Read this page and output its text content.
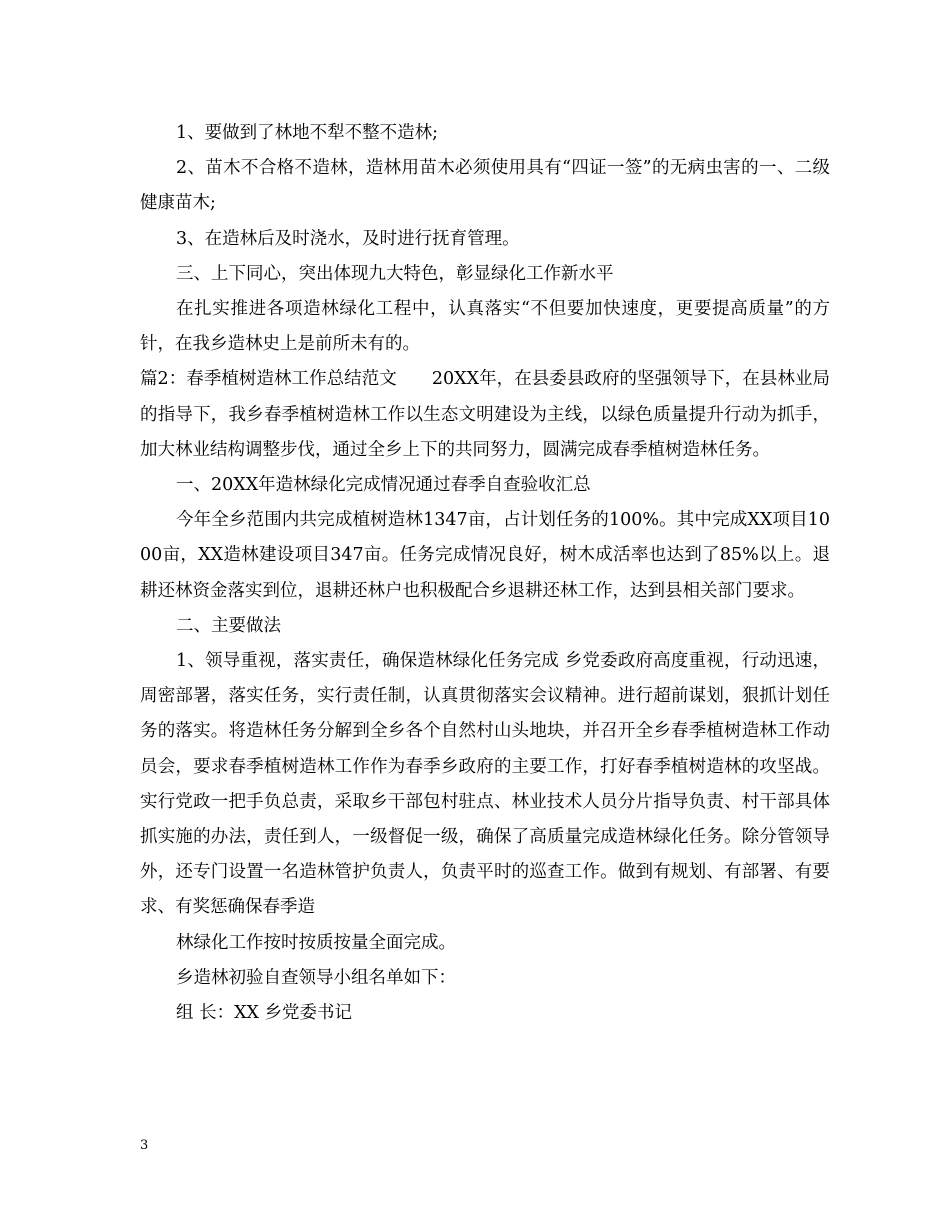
1、要做到了林地不犁不整不造林;

2、苗木不合格不造林，造林用苗木必须使用具有“四证一签”的无病虫害的一、二级健康苗木;

3、在造林后及时浇水，及时进行抚育管理。

三、上下同心，突出体现九大特色，彰显绿化工作新水平

在扎实推进各项造林绿化工程中，认真落实“不但要加快速度，更要提高质量”的方针，在我乡造林史上是前所未有的。

篇2：春季植树造林工作总结范文　　20XX年，在县委县政府的坚强领导下，在县林业局的指导下，我乡春季植树造林工作以生态文明建设为主线，以绿色质量提升行动为抓手，加大林业结构调整步伐，通过全乡上下的共同努力，圆满完成春季植树造林任务。

一、20XX年造林绿化完成情况通过春季自查验收汇总

今年全乡范围内共完成植树造林1347亩，占计划任务的100%。其中完成XX项目1000亩，XX造林建设项目347亩。任务完成情况良好，树木成活率也达到了85%以上。退耕还林资金落实到位，退耕还林户也积极配合乡退耕还林工作，达到县相关部门要求。

二、主要做法

1、领导重视，落实责任，确保造林绿化任务完成 乡党委政府高度重视，行动迅速，周密部署，落实任务，实行责任制，认真贯彻落实会议精神。进行超前谋划，狠抓计划任务的落实。将造林任务分解到全乡各个自然村山头地块，并召开全乡春季植树造林工作动员会，要求春季植树造林工作作为春季乡政府的主要工作，打好春季植树造林的攻坚战。实行党政一把手负总责，采取乡干部包村驻点、林业技术人员分片指导负责、村干部具体抓实施的办法，责任到人，一级督促一级，确保了高质量完成造林绿化任务。除分管领导外，还专门设置一名造林管护负责人，负责平时的巡查工作。做到有规划、有部署、有要求、有奖惩确保春季造

林绿化工作按时按质按量全面完成。

乡造林初验自查领导小组名单如下：

组 长：XX 乡党委书记

3
